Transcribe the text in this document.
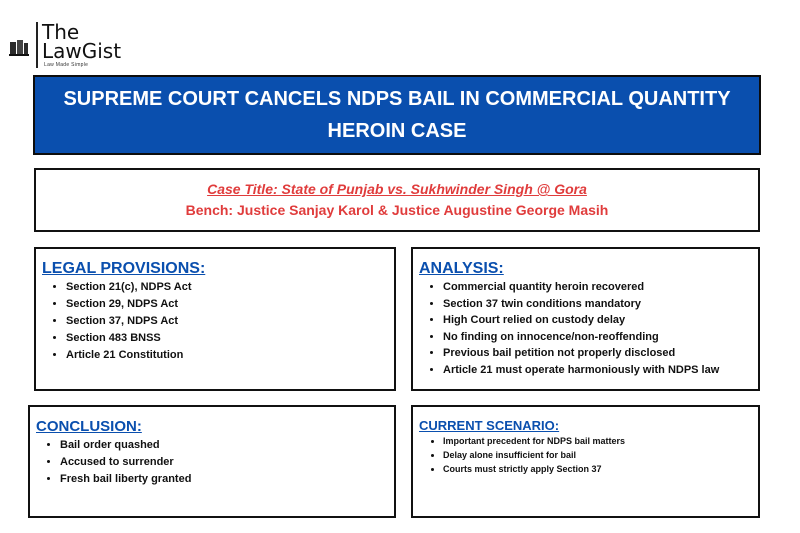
The
LawGist
Law Made Simple
SUPREME COURT CANCELS NDPS BAIL IN COMMERCIAL QUANTITY HEROIN CASE
Case Title: State of Punjab vs. Sukhwinder Singh @ Gora
Bench: Justice Sanjay Karol & Justice Augustine George Masih
LEGAL PROVISIONS:
• Section 21(c), NDPS Act
• Section 29, NDPS Act
• Section 37, NDPS Act
• Section 483 BNSS
• Article 21 Constitution
ANALYSIS:
• Commercial quantity heroin recovered
• Section 37 twin conditions mandatory
• High Court relied on custody delay
• No finding on innocence/non-reoffending
• Previous bail petition not properly disclosed
• Article 21 must operate harmoniously with NDPS law
CONCLUSION:
• Bail order quashed
• Accused to surrender
• Fresh bail liberty granted
CURRENT SCENARIO:
• Important precedent for NDPS bail matters
• Delay alone insufficient for bail
• Courts must strictly apply Section 37
